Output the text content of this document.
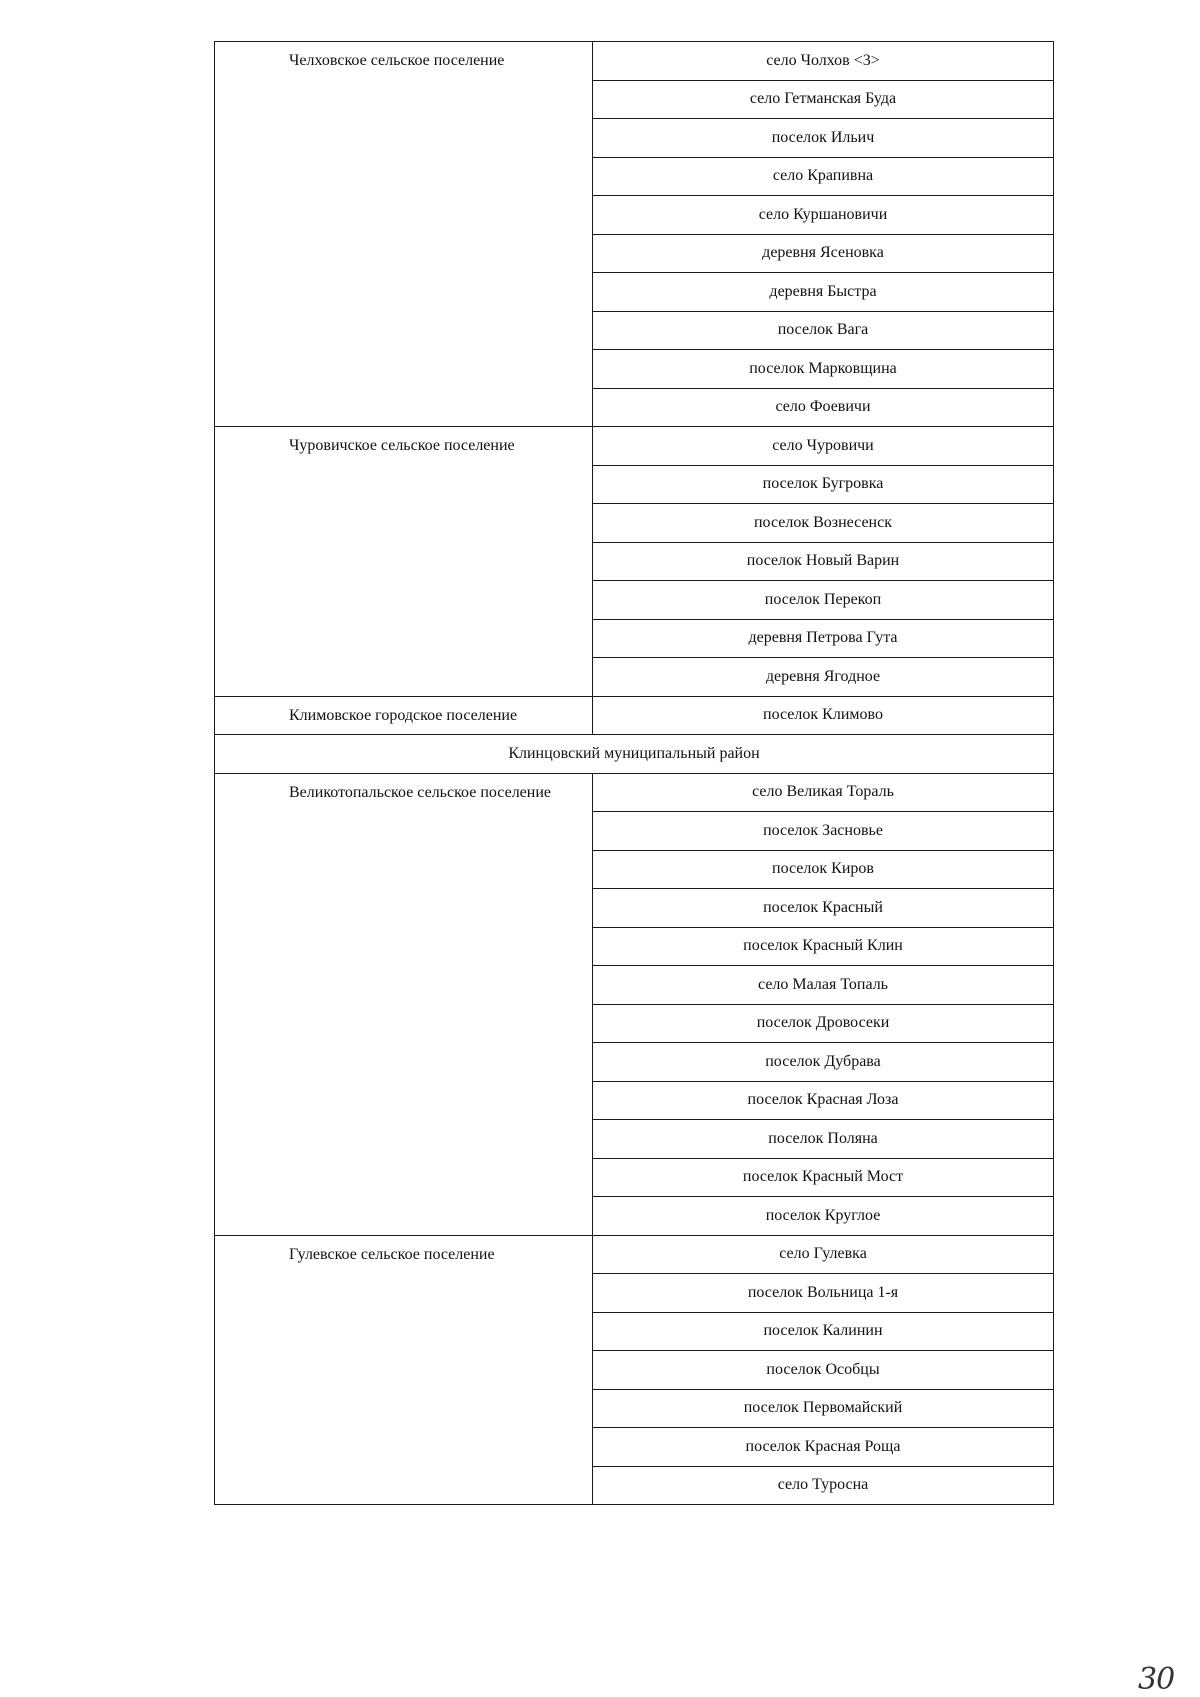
Челховское сельское поселение	село Чолхов <3>
	село Гетманская Буда
	поселок Ильич
	село Крапивна
	село Куршановичи
	деревня Ясеновка
	деревня Быстра
	поселок Вага
	поселок Марковщина
	село Фоевичи
Чуровичское сельское поселение	село Чуровичи
	поселок Бугровка
	поселок Вознесенск
	поселок Новый Варин
	поселок Перекоп
	деревня Петрова Гута
	деревня Ягодное
Климовское городское поселение	поселок Климово
Клинцовский муниципальный район	
Великотопальское сельское поселение	село Великая Topаль
	поселок Засновье
	поселок Киров
	поселок Красный
	поселок Красный Клин
	село Малая Топаль
	поселок Дровосеки
	поселок Дубрава
	поселок Красная Лоза
	поселок Поляна
	поселок Красный Мост
	поселок Круглое
Гулевское сельское поселение	село Гулевка
	поселок Вольница 1-я
	поселок Калинин
	поселок Особцы
	поселок Первомайский
	поселок Красная Роща
	село Туросна
30
